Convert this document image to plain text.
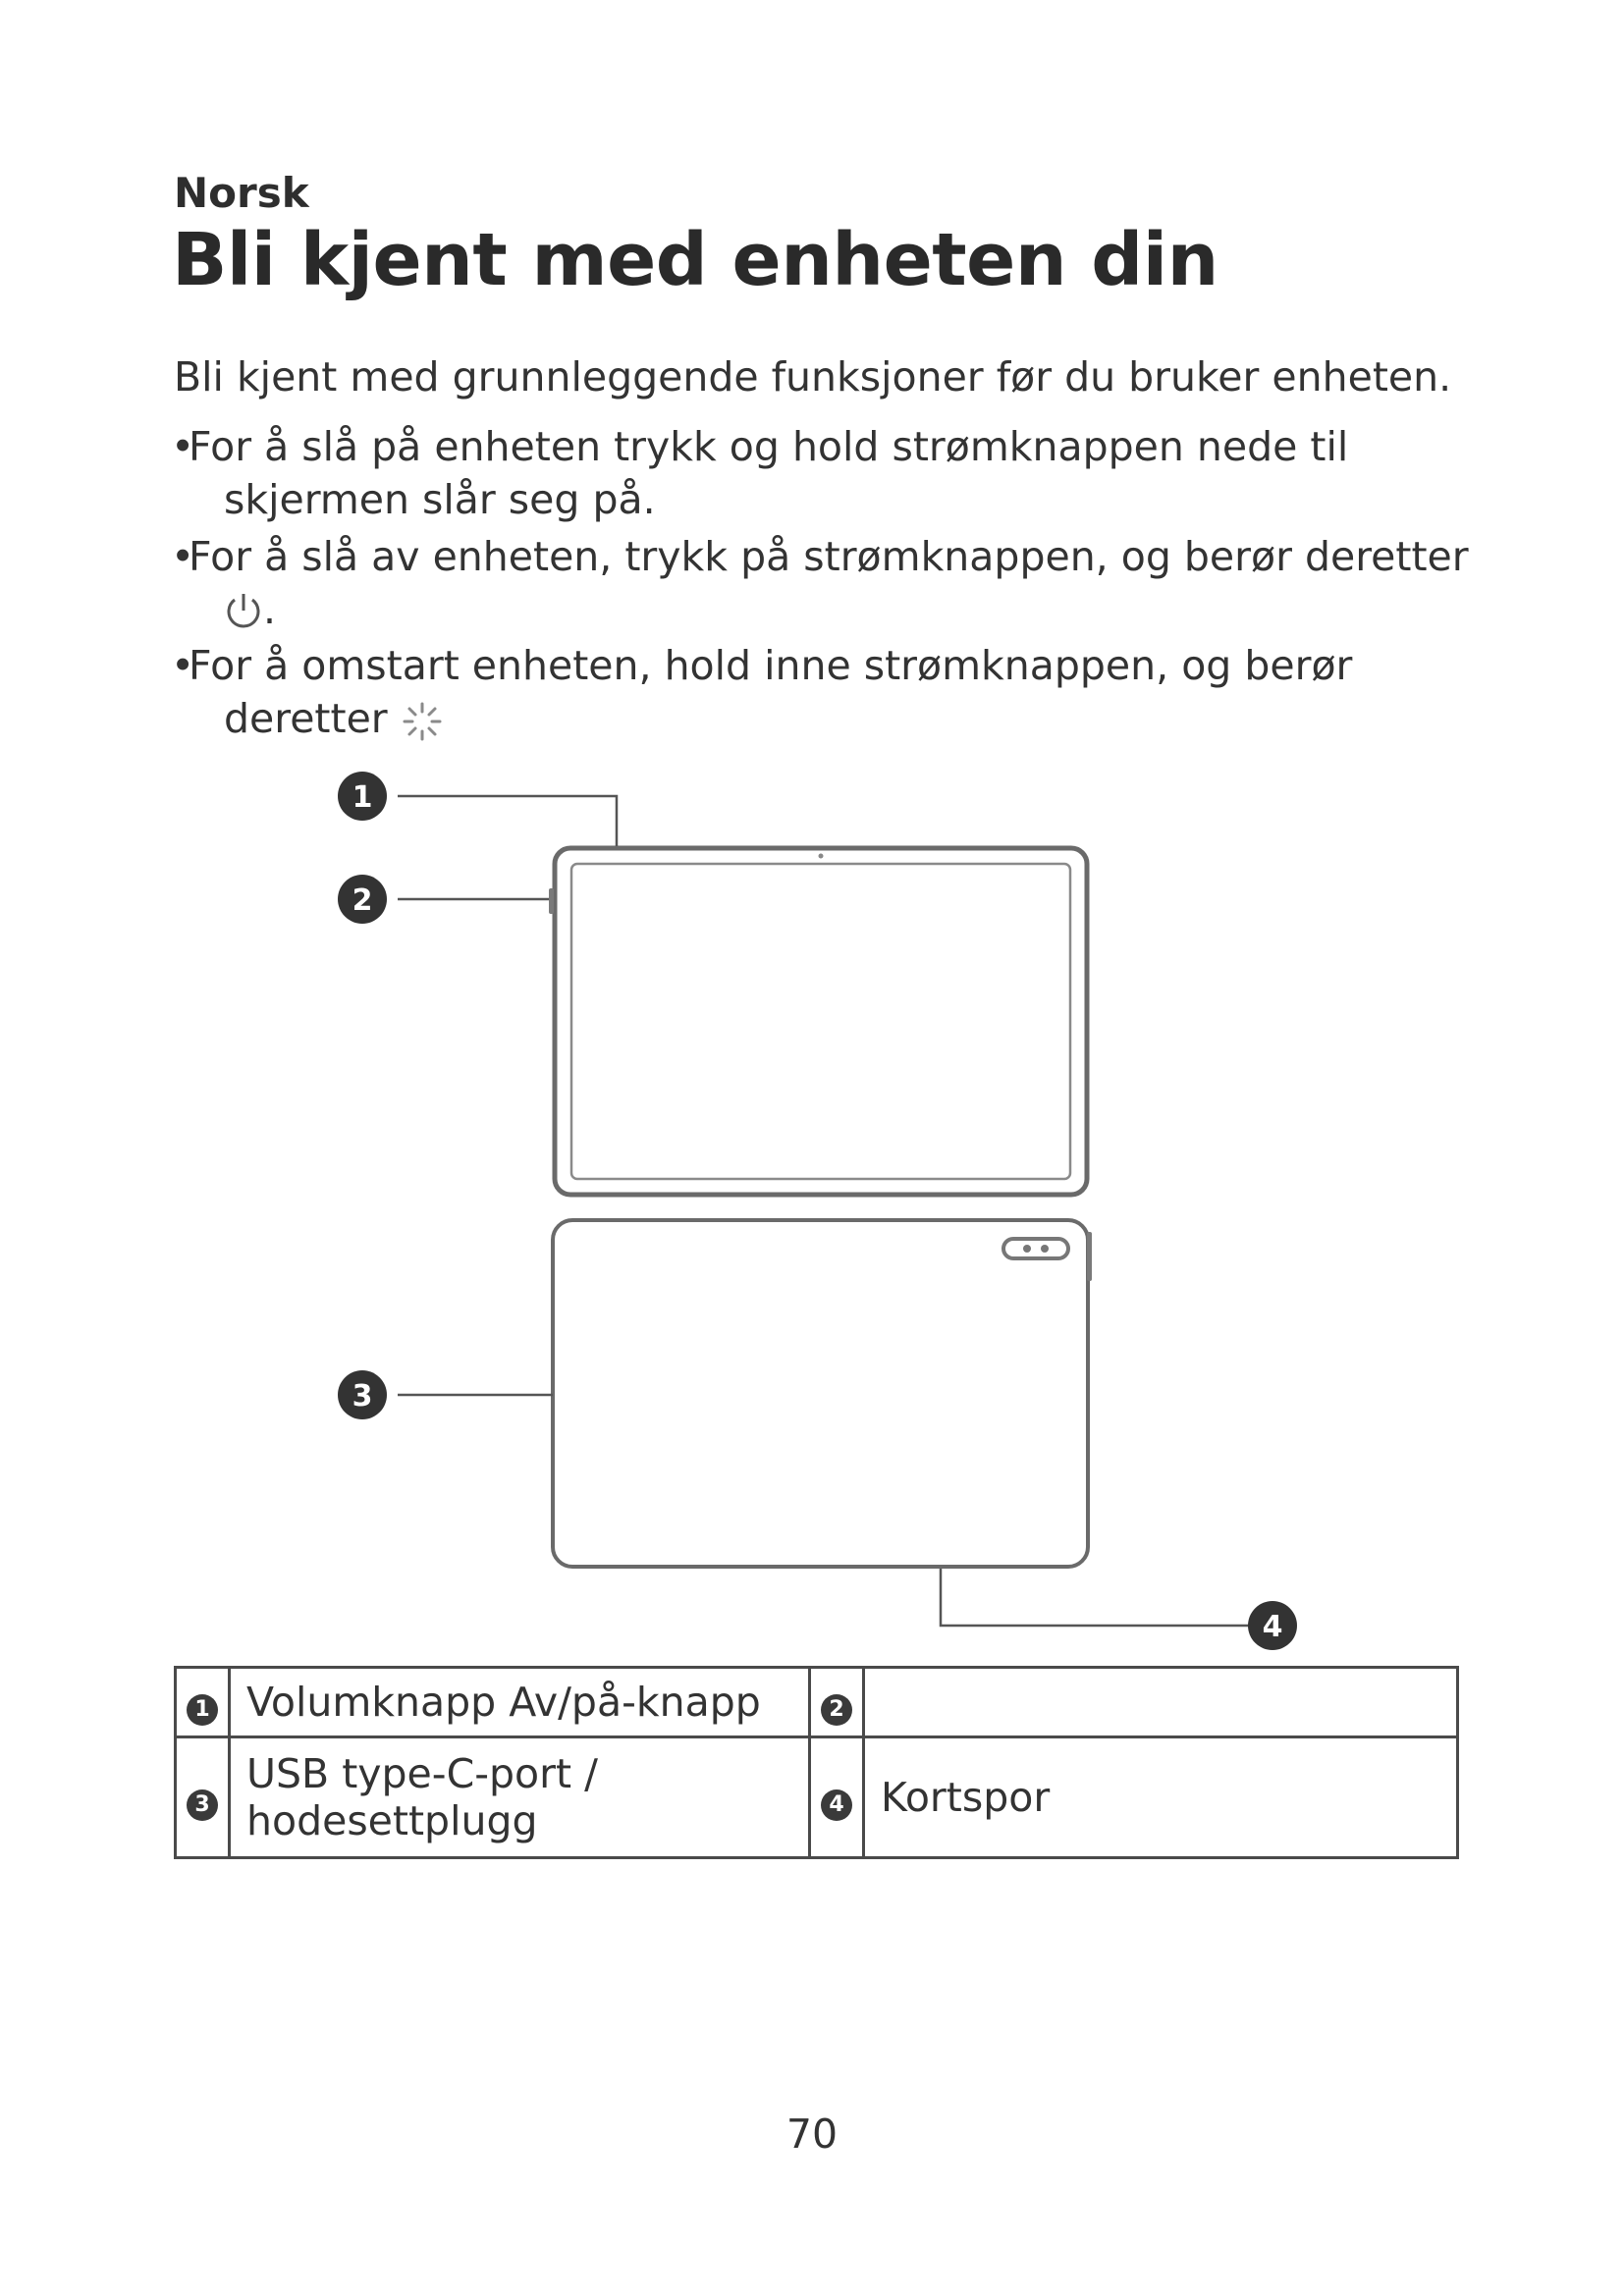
Norsk
Bli kjent med enheten din
Bli kjent med grunnleggende funksjoner før du bruker enheten.
•For å slå på enheten trykk og hold strømknappen nede til
skjermen slår seg på.
•For å slå av enheten, trykk på strømknappen, og berør deretter
.
•For å omstart enheten, hold inne strømknappen, og berør
deretter
1
2
3
4
1	Volumknapp Av/på-knapp	2	
3	USB type-C-port /
hodesettplugg	4	Kortspor
70
